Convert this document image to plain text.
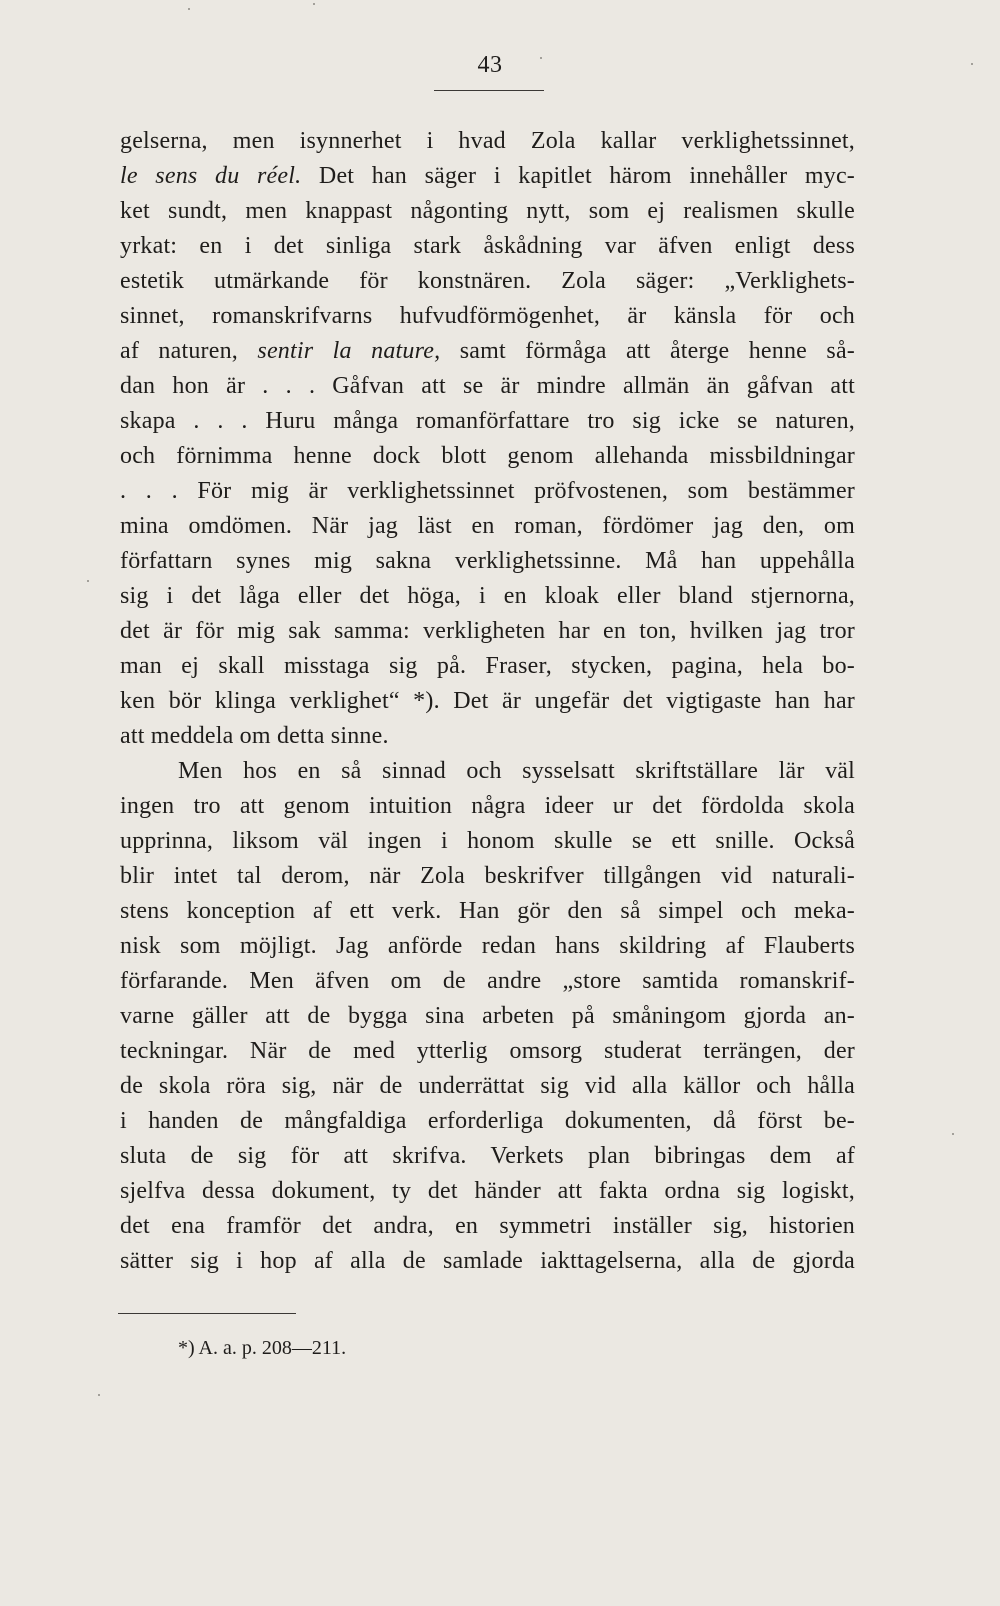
43
gelserna, men isynnerhet i hvad Zola kallar verklighetssinnet,
le sens du réel. Det han säger i kapitlet härom innehåller myc-
ket sundt, men knappast någonting nytt, som ej realismen skulle
yrkat: en i det sinliga stark åskådning var äfven enligt dess
estetik utmärkande för konstnären. Zola säger: „Verklighets-
sinnet, romanskrifvarns hufvudförmögenhet, är känsla för och
af naturen, sentir la nature, samt förmåga att återge henne så-
dan hon är . . . Gåfvan att se är mindre allmän än gåfvan att
skapa . . . Huru många romanförfattare tro sig icke se naturen,
och förnimma henne dock blott genom allehanda missbildningar
. . . För mig är verklighetssinnet pröfvostenen, som bestämmer
mina omdömen. När jag läst en roman, fördömer jag den, om
författarn synes mig sakna verklighetssinne. Må han uppehålla
sig i det låga eller det höga, i en kloak eller bland stjernorna,
det är för mig sak samma: verkligheten har en ton, hvilken jag tror
man ej skall misstaga sig på. Fraser, stycken, pagina, hela bo-
ken bör klinga verklighet“ *). Det är ungefär det vigtigaste han har
att meddela om detta sinne.
Men hos en så sinnad och sysselsatt skriftställare lär väl
ingen tro att genom intuition några ideer ur det fördolda skola
upprinna, liksom väl ingen i honom skulle se ett snille. Också
blir intet tal derom, när Zola beskrifver tillgången vid naturali-
stens konception af ett verk. Han gör den så simpel och meka-
nisk som möjligt. Jag anförde redan hans skildring af Flauberts
förfarande. Men äfven om de andre „store samtida romanskrif-
varne gäller att de bygga sina arbeten på småningom gjorda an-
teckningar. När de med ytterlig omsorg studerat terrängen, der
de skola röra sig, när de underrättat sig vid alla källor och hålla
i handen de mångfaldiga erforderliga dokumenten, då först be-
sluta de sig för att skrifva. Verkets plan bibringas dem af
sjelfva dessa dokument, ty det händer att fakta ordna sig logiskt,
det ena framför det andra, en symmetri inställer sig, historien
sätter sig i hop af alla de samlade iakttagelserna, alla de gjorda
*) A. a. p. 208—211.
